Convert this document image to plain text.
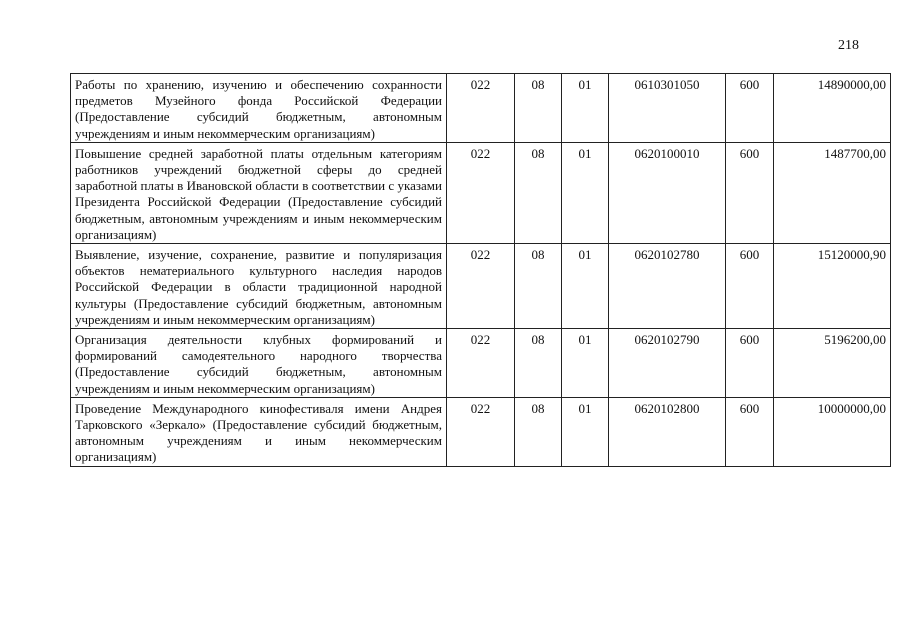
218
Работы по хранению, изучению и обеспечению сохранности предметов Музейного фонда Российской Федерации (Предоставление субсидий бюджетным, автономным учреждениям и иным некоммерческим организациям)	022	08	01	0610301050	600	14890000,00
Повышение средней заработной платы отдельным категориям работников учреждений бюджетной сферы до средней заработной платы в Ивановской области в соответствии с указами Президента Российской Федерации (Предоставление субсидий бюджетным, автономным учреждениям и иным некоммерческим организациям)	022	08	01	0620100010	600	1487700,00
Выявление, изучение, сохранение, развитие и популяризация объектов нематериального культурного наследия народов Российской Федерации в области традиционной народной культуры (Предоставление субсидий бюджетным, автономным учреждениям и иным некоммерческим организациям)	022	08	01	0620102780	600	15120000,90
Организация деятельности клубных формирований и формирований самодеятельного народного творчества (Предоставление субсидий бюджетным, автономным учреждениям и иным некоммерческим организациям)	022	08	01	0620102790	600	5196200,00
Проведение Международного кинофестиваля имени Андрея Тарковского «Зеркало» (Предоставление субсидий бюджетным, автономным учреждениям и иным некоммерческим организациям)	022	08	01	0620102800	600	10000000,00
